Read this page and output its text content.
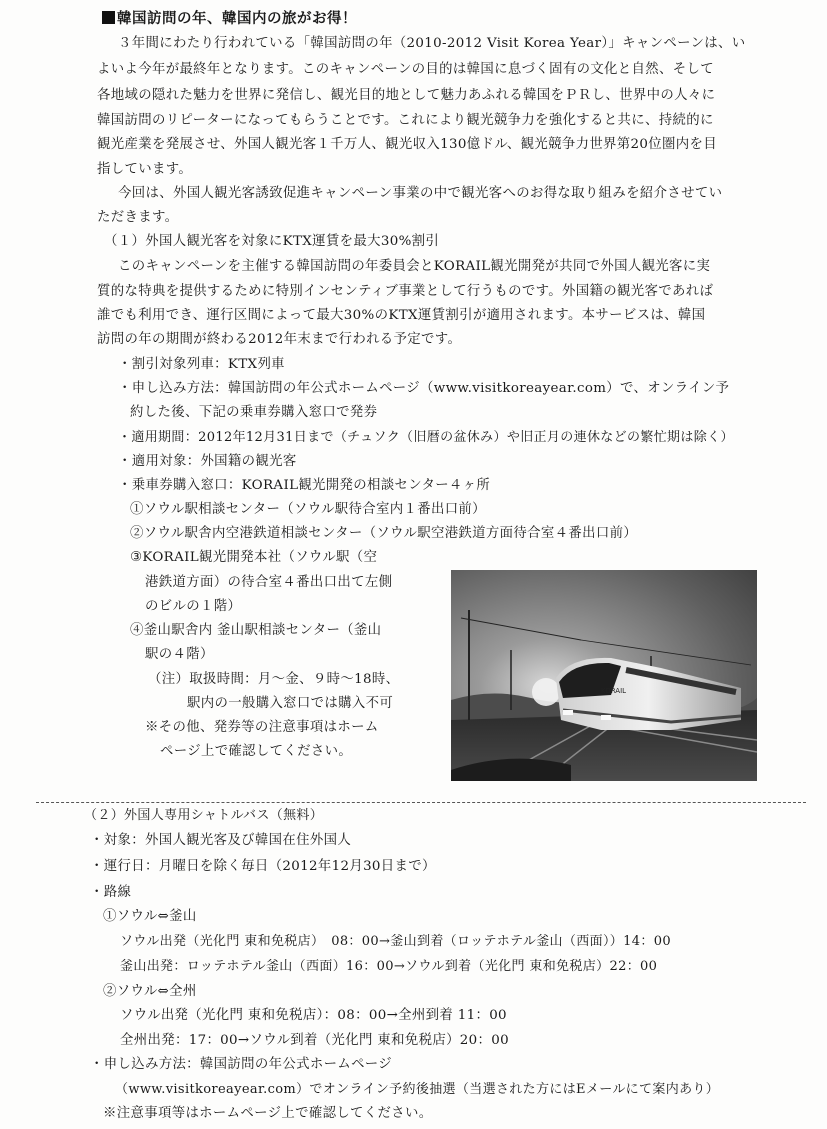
韓国訪問の年、韓国内の旅がお得！
３年間にわたり行われている「韓国訪問の年（2010-2012 Visit Korea Year）」キャンペーンは、い
よいよ今年が最終年となります。このキャンペーンの目的は韓国に息づく固有の文化と自然、そして
各地域の隠れた魅力を世界に発信し、観光目的地として魅力あふれる韓国をＰＲし、世界中の人々に
韓国訪問のリピーターになってもらうことです。これにより観光競争力を強化すると共に、持続的に
観光産業を発展させ、外国人観光客１千万人、観光収入130億ドル、観光競争力世界第20位圏内を目
指しています。
今回は、外国人観光客誘致促進キャンペーン事業の中で観光客へのお得な取り組みを紹介させてい
ただきます。
（１）外国人観光客を対象にKTX運賃を最大30%割引
このキャンペーンを主催する韓国訪問の年委員会とKORAIL観光開発が共同で外国人観光客に実
質的な特典を提供するために特別インセンティブ事業として行うものです。外国籍の観光客であれば
誰でも利用でき、運行区間によって最大30%のKTX運賃割引が適用されます。本サービスは、韓国
訪問の年の期間が終わる2012年末まで行われる予定です。
・割引対象列車：KTX列車
・申し込み方法：韓国訪問の年公式ホームページ（www.visitkoreayear.com）で、オンライン予
約した後、下記の乗車券購入窓口で発券
・適用期間：2012年12月31日まで（チュソク（旧暦の盆休み）や旧正月の連休などの繁忙期は除く）
・適用対象：外国籍の観光客
・乗車券購入窓口：KORAIL観光開発の相談センター４ヶ所
①ソウル駅相談センター（ソウル駅待合室内１番出口前）
②ソウル駅舎内空港鉄道相談センター（ソウル駅空港鉄道方面待合室４番出口前）
③KORAIL観光開発本社（ソウル駅（空
港鉄道方面）の待合室４番出口出て左側
のビルの１階）
④釜山駅舎内 釜山駅相談センター（釜山
駅の４階）
（注）取扱時間：月～金、９時～18時、
駅内の一般購入窓口では購入不可
※その他、発券等の注意事項はホーム
ページ上で確認してください。
KORAIL
（２）外国人専用シャトルバス（無料）
・対象：外国人観光客及び韓国在住外国人
・運行日：月曜日を除く毎日（2012年12月30日まで）
・路線
①ソウル⇔釜山
ソウル出発（光化門 東和免税店）　08：00→釜山到着（ロッテホテル釜山（西面））14：00
釜山出発：ロッテホテル釜山（西面）16：00→ソウル到着（光化門 東和免税店）22：00
②ソウル⇔全州
ソウル出発（光化門 東和免税店）：08：00→全州到着 11：00
全州出発：17：00→ソウル到着（光化門 東和免税店）20：00
・申し込み方法：韓国訪問の年公式ホームページ
（www.visitkoreayear.com）でオンライン予約後抽選（当選された方にはEメールにて案内あり）
※注意事項等はホームページ上で確認してください。
